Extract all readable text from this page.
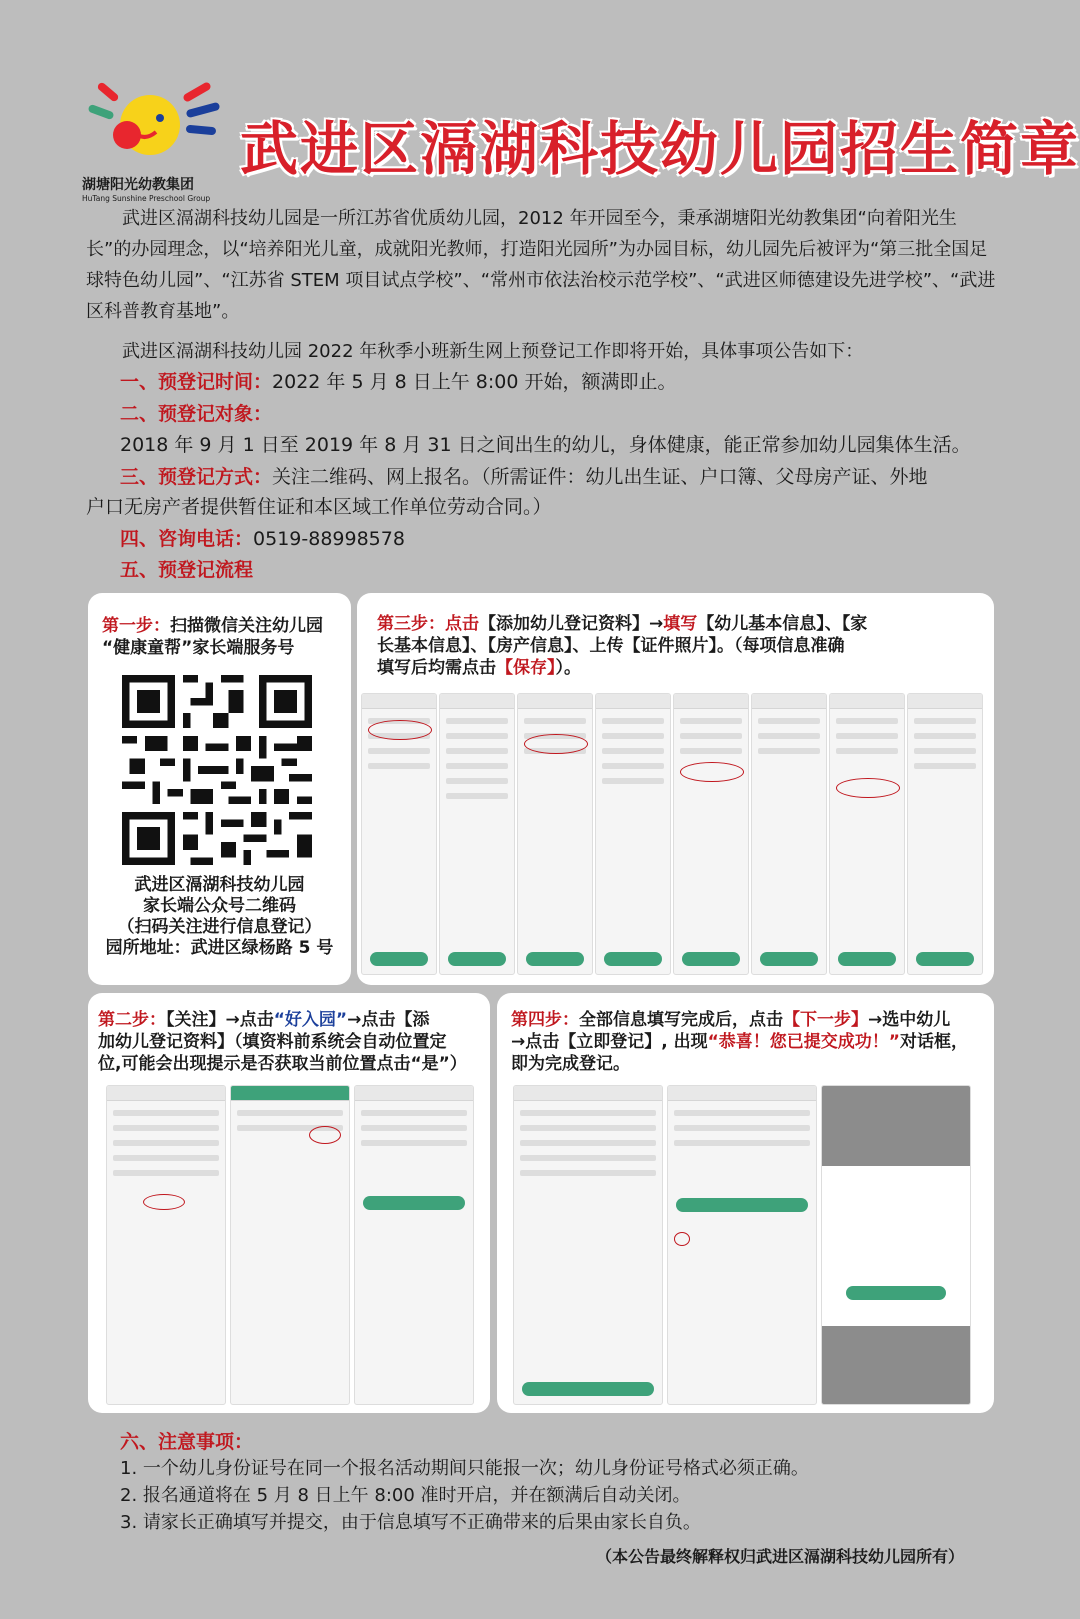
湖塘阳光幼教集团
HuTang Sunshine Preschool Group
武进区滆湖科技幼儿园招生简章
武进区滆湖科技幼儿园是一所江苏省优质幼儿园，2012 年开园至今，秉承湖塘阳光幼教集团“向着阳光生长”的办园理念，以“培养阳光儿童，成就阳光教师，打造阳光园所”为办园目标，幼儿园先后被评为“第三批全国足球特色幼儿园”、“江苏省 STEM 项目试点学校”、“常州市依法治校示范学校”、“武进区师德建设先进学校”、“武进区科普教育基地”。
武进区滆湖科技幼儿园 2022 年秋季小班新生网上预登记工作即将开始，具体事项公告如下：
一、预登记时间：2022 年 5 月 8 日上午 8:00 开始，额满即止。
二、预登记对象：
2018 年 9 月 1 日至 2019 年 8 月 31 日之间出生的幼儿，身体健康，能正常参加幼儿园集体生活。
三、预登记方式：关注二维码、网上报名。（所需证件：幼儿出生证、户口簿、父母房产证、外地
户口无房产者提供暂住证和本区域工作单位劳动合同。）
四、咨询电话：0519-88998578
五、预登记流程
第一步：扫描微信关注幼儿园
“健康童帮”家长端服务号
武进区滆湖科技幼儿园
家长端公众号二维码
（扫码关注进行信息登记）
园所地址：武进区绿杨路 5 号
第三步：点击【添加幼儿登记资料】→填写【幼儿基本信息】、【家
长基本信息】、【房产信息】、上传【证件照片】。（每项信息准确
填写后均需点击【保存】）。
第二步：【关注】→点击“好入园”→点击【添
加幼儿登记资料】（填资料前系统会自动位置定
位,可能会出现提示是否获取当前位置点击“是”）
第四步：全部信息填写完成后，点击【下一步】→选中幼儿
→点击【立即登记】, 出现“恭喜！您已提交成功！”对话框，
即为完成登记。
六、注意事项：
1. 一个幼儿身份证号在同一个报名活动期间只能报一次；幼儿身份证号格式必须正确。
2. 报名通道将在 5 月 8 日上午 8:00 准时开启，并在额满后自动关闭。
3. 请家长正确填写并提交，由于信息填写不正确带来的后果由家长自负。
（本公告最终解释权归武进区滆湖科技幼儿园所有）
